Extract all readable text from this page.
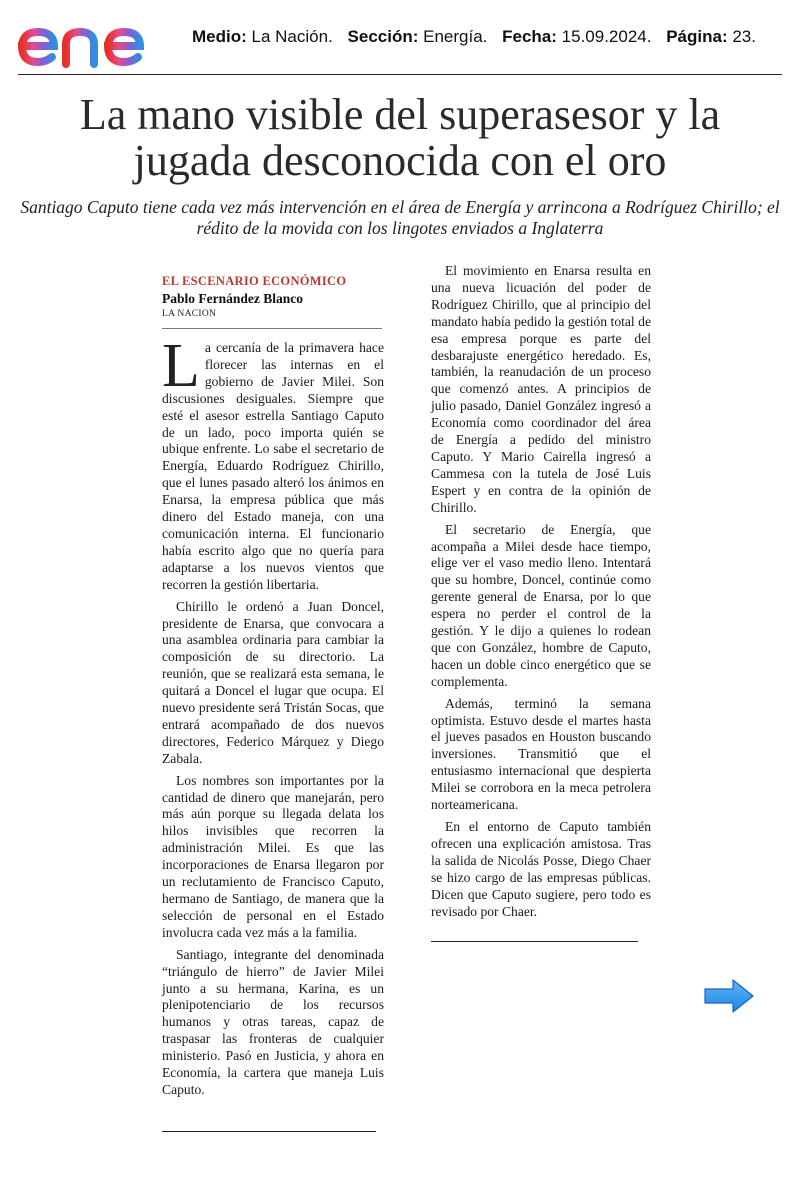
Medio: La Nación. Sección: Energía. Fecha: 15.09.2024. Página: 23.
La mano visible del superasesor y la jugada desconocida con el oro

Santiago Caputo tiene cada vez más intervención en el área de Energía y arrincona a Rodríguez Chirillo; el rédito de la movida con los lingotes enviados a Inglaterra

EL ESCENARIO ECONÓMICO
Pablo Fernández Blanco
LA NACION

La cercanía de la primavera hace florecer las internas en el gobierno de Javier Milei. Son discusiones desiguales. Siempre que esté el asesor estrella Santiago Caputo de un lado, poco importa quién se ubique enfrente. Lo sabe el secretario de Energía, Eduardo Rodríguez Chirillo, que el lunes pasado alteró los ánimos en Enarsa, la empresa pública que más dinero del Estado maneja, con una comunicación interna. El funcionario había escrito algo que no quería para adaptarse a los nuevos vientos que recorren la gestión libertaria.

Chirillo le ordenó a Juan Doncel, presidente de Enarsa, que convocara a una asamblea ordinaria para cambiar la composición de su directorio. La reunión, que se realizará esta semana, le quitará a Doncel el lugar que ocupa. El nuevo presidente será Tristán Socas, que entrará acompañado de dos nuevos directores, Federico Márquez y Diego Zabala.

Los nombres son importantes por la cantidad de dinero que manejarán, pero más aún porque su llegada delata los hilos invisibles que recorren la administración Milei. Es que las incorporaciones de Enarsa llegaron por un reclutamiento de Francisco Caputo, hermano de Santiago, de manera que la selección de personal en el Estado involucra cada vez más a la familia.

Santiago, integrante del denominada “triángulo de hierro” de Javier Milei junto a su hermana, Karina, es un plenipotenciario de los recursos humanos y otras tareas, capaz de traspasar las fronteras de cualquier ministerio. Pasó en Justicia, y ahora en Economía, la cartera que maneja Luis Caputo.

El movimiento en Enarsa resulta en una nueva licuación del poder de Rodríguez Chirillo, que al principio del mandato había pedido la gestión total de esa empresa porque es parte del desbarajuste energético heredado. Es, también, la reanudación de un proceso que comenzó antes. A principios de julio pasado, Daniel González ingresó a Economía como coordinador del área de Energía a pedido del ministro Caputo. Y Mario Cairella ingresó a Cammesa con la tutela de José Luis Espert y en contra de la opinión de Chirillo.

El secretario de Energía, que acompaña a Milei desde hace tiempo, elige ver el vaso medio lleno. Intentará que su hombre, Doncel, continúe como gerente general de Enarsa, por lo que espera no perder el control de la gestión. Y le dijo a quienes lo rodean que con González, hombre de Caputo, hacen un doble cinco energético que se complementa.

Además, terminó la semana optimista. Estuvo desde el martes hasta el jueves pasados en Houston buscando inversiones. Transmitió que el entusiasmo internacional que despierta Milei se corrobora en la meca petrolera norteamericana.

En el entorno de Caputo también ofrecen una explicación amistosa. Tras la salida de Nicolás Posse, Diego Chaer se hizo cargo de las empresas públicas. Dicen que Caputo sugiere, pero todo es revisado por Chaer.
